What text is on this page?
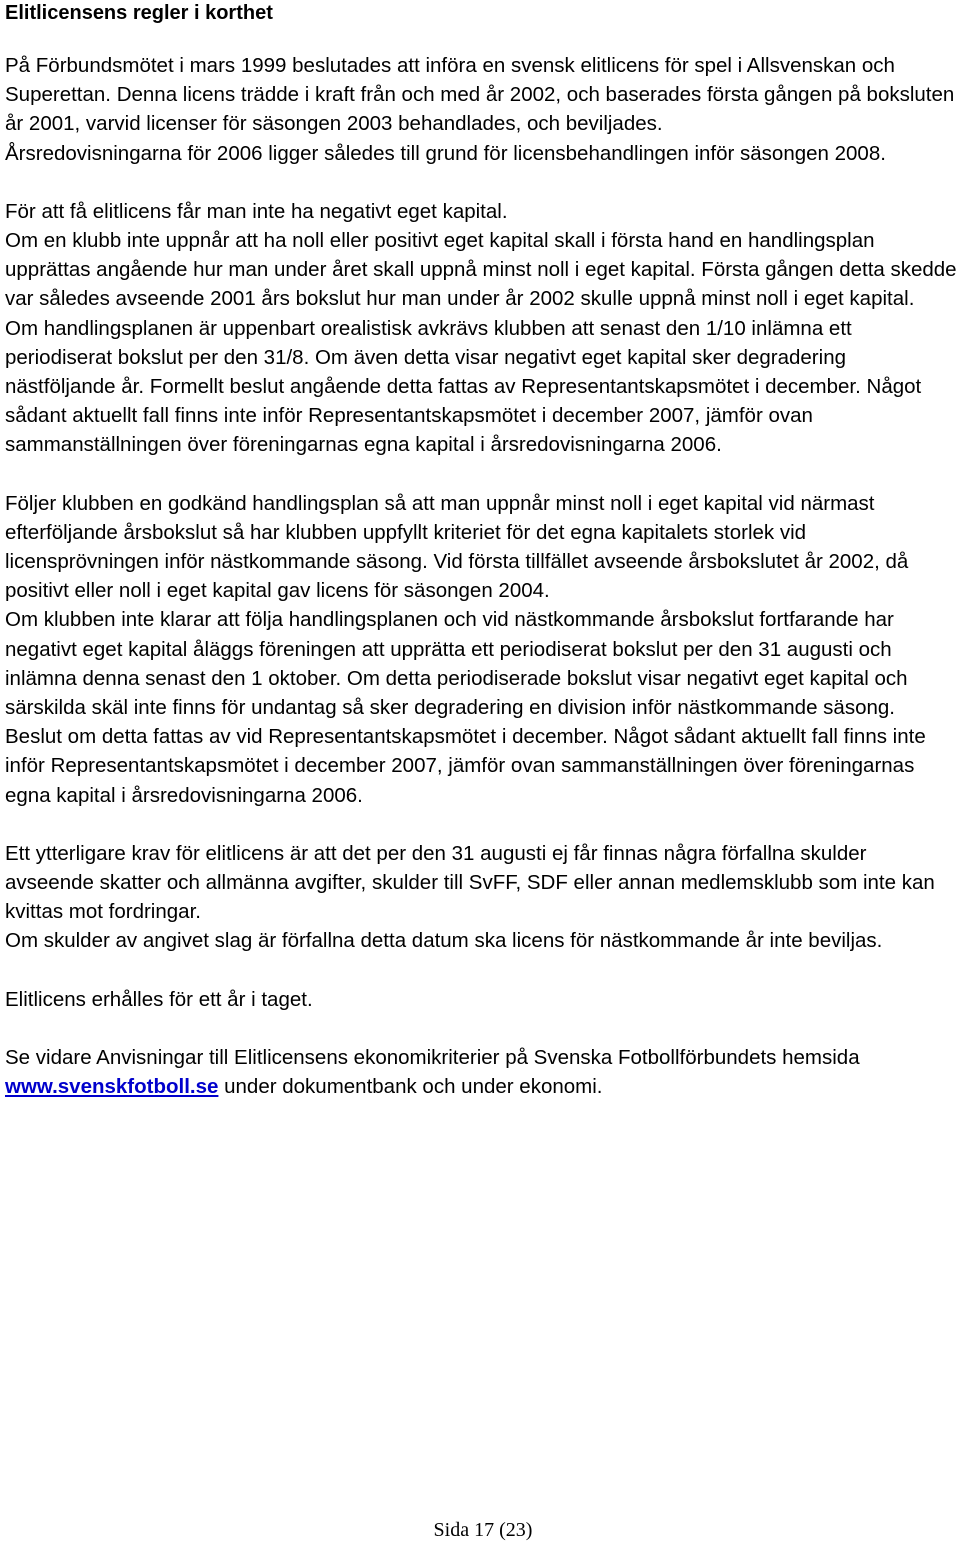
Elitlicensens regler i korthet

På Förbundsmötet i mars 1999 beslutades att införa en svensk elitlicens för spel i Allsvenskan och Superettan. Denna licens trädde i kraft från och med år 2002, och baserades första gången på boksluten år 2001, varvid licenser för säsongen 2003 behandlades, och beviljades.

Årsredovisningarna för 2006 ligger således till grund för licensbehandlingen inför säsongen 2008.

För att få elitlicens får man inte ha negativt eget kapital.

Om en klubb inte uppnår att ha noll eller positivt eget kapital skall i första hand en handlingsplan upprättas angående hur man under året skall uppnå minst noll i eget kapital. Första gången detta skedde var således avseende 2001 års bokslut hur man under år 2002 skulle uppnå minst noll i eget kapital.

Om handlingsplanen är uppenbart orealistisk avkrävs klubben att senast den 1/10 inlämna ett periodiserat bokslut per den 31/8. Om även detta visar negativt eget kapital sker degradering nästföljande år. Formellt beslut angående detta fattas av Representantskapsmötet i december. Något sådant aktuellt fall finns inte inför Representantskapsmötet i december 2007, jämför ovan sammanställningen över föreningarnas egna kapital i årsredovisningarna 2006.

Följer klubben en godkänd handlingsplan så att man uppnår minst noll i eget kapital vid närmast efterföljande årsbokslut så har klubben uppfyllt kriteriet för det egna kapitalets storlek vid licensprövningen inför nästkommande säsong. Vid första tillfället avseende årsbokslutet år 2002, då positivt eller noll i eget kapital gav licens för säsongen 2004.

Om klubben inte klarar att följa handlingsplanen och vid nästkommande årsbokslut fortfarande har negativt eget kapital åläggs föreningen att upprätta ett periodiserat bokslut per den 31 augusti och inlämna denna senast den 1 oktober. Om detta periodiserade bokslut visar negativt eget kapital och särskilda skäl inte finns för undantag så sker degradering en division inför nästkommande säsong. Beslut om detta fattas av vid Representantskapsmötet i december. Något sådant aktuellt fall finns inte inför Representantskapsmötet i december 2007, jämför ovan sammanställningen över föreningarnas egna kapital i årsredovisningarna 2006.

Ett ytterligare krav för elitlicens är att det per den 31 augusti ej får finnas några förfallna skulder avseende skatter och allmänna avgifter, skulder till SvFF, SDF eller annan medlemsklubb som inte kan kvittas mot fordringar.

Om skulder av angivet slag är förfallna detta datum ska licens för nästkommande år inte beviljas.

Elitlicens erhålles för ett år i taget.

Se vidare Anvisningar till Elitlicensens ekonomikriterier på Svenska Fotbollförbundets hemsida www.svenskfotboll.se under dokumentbank och under ekonomi.

Sida 17 (23)
